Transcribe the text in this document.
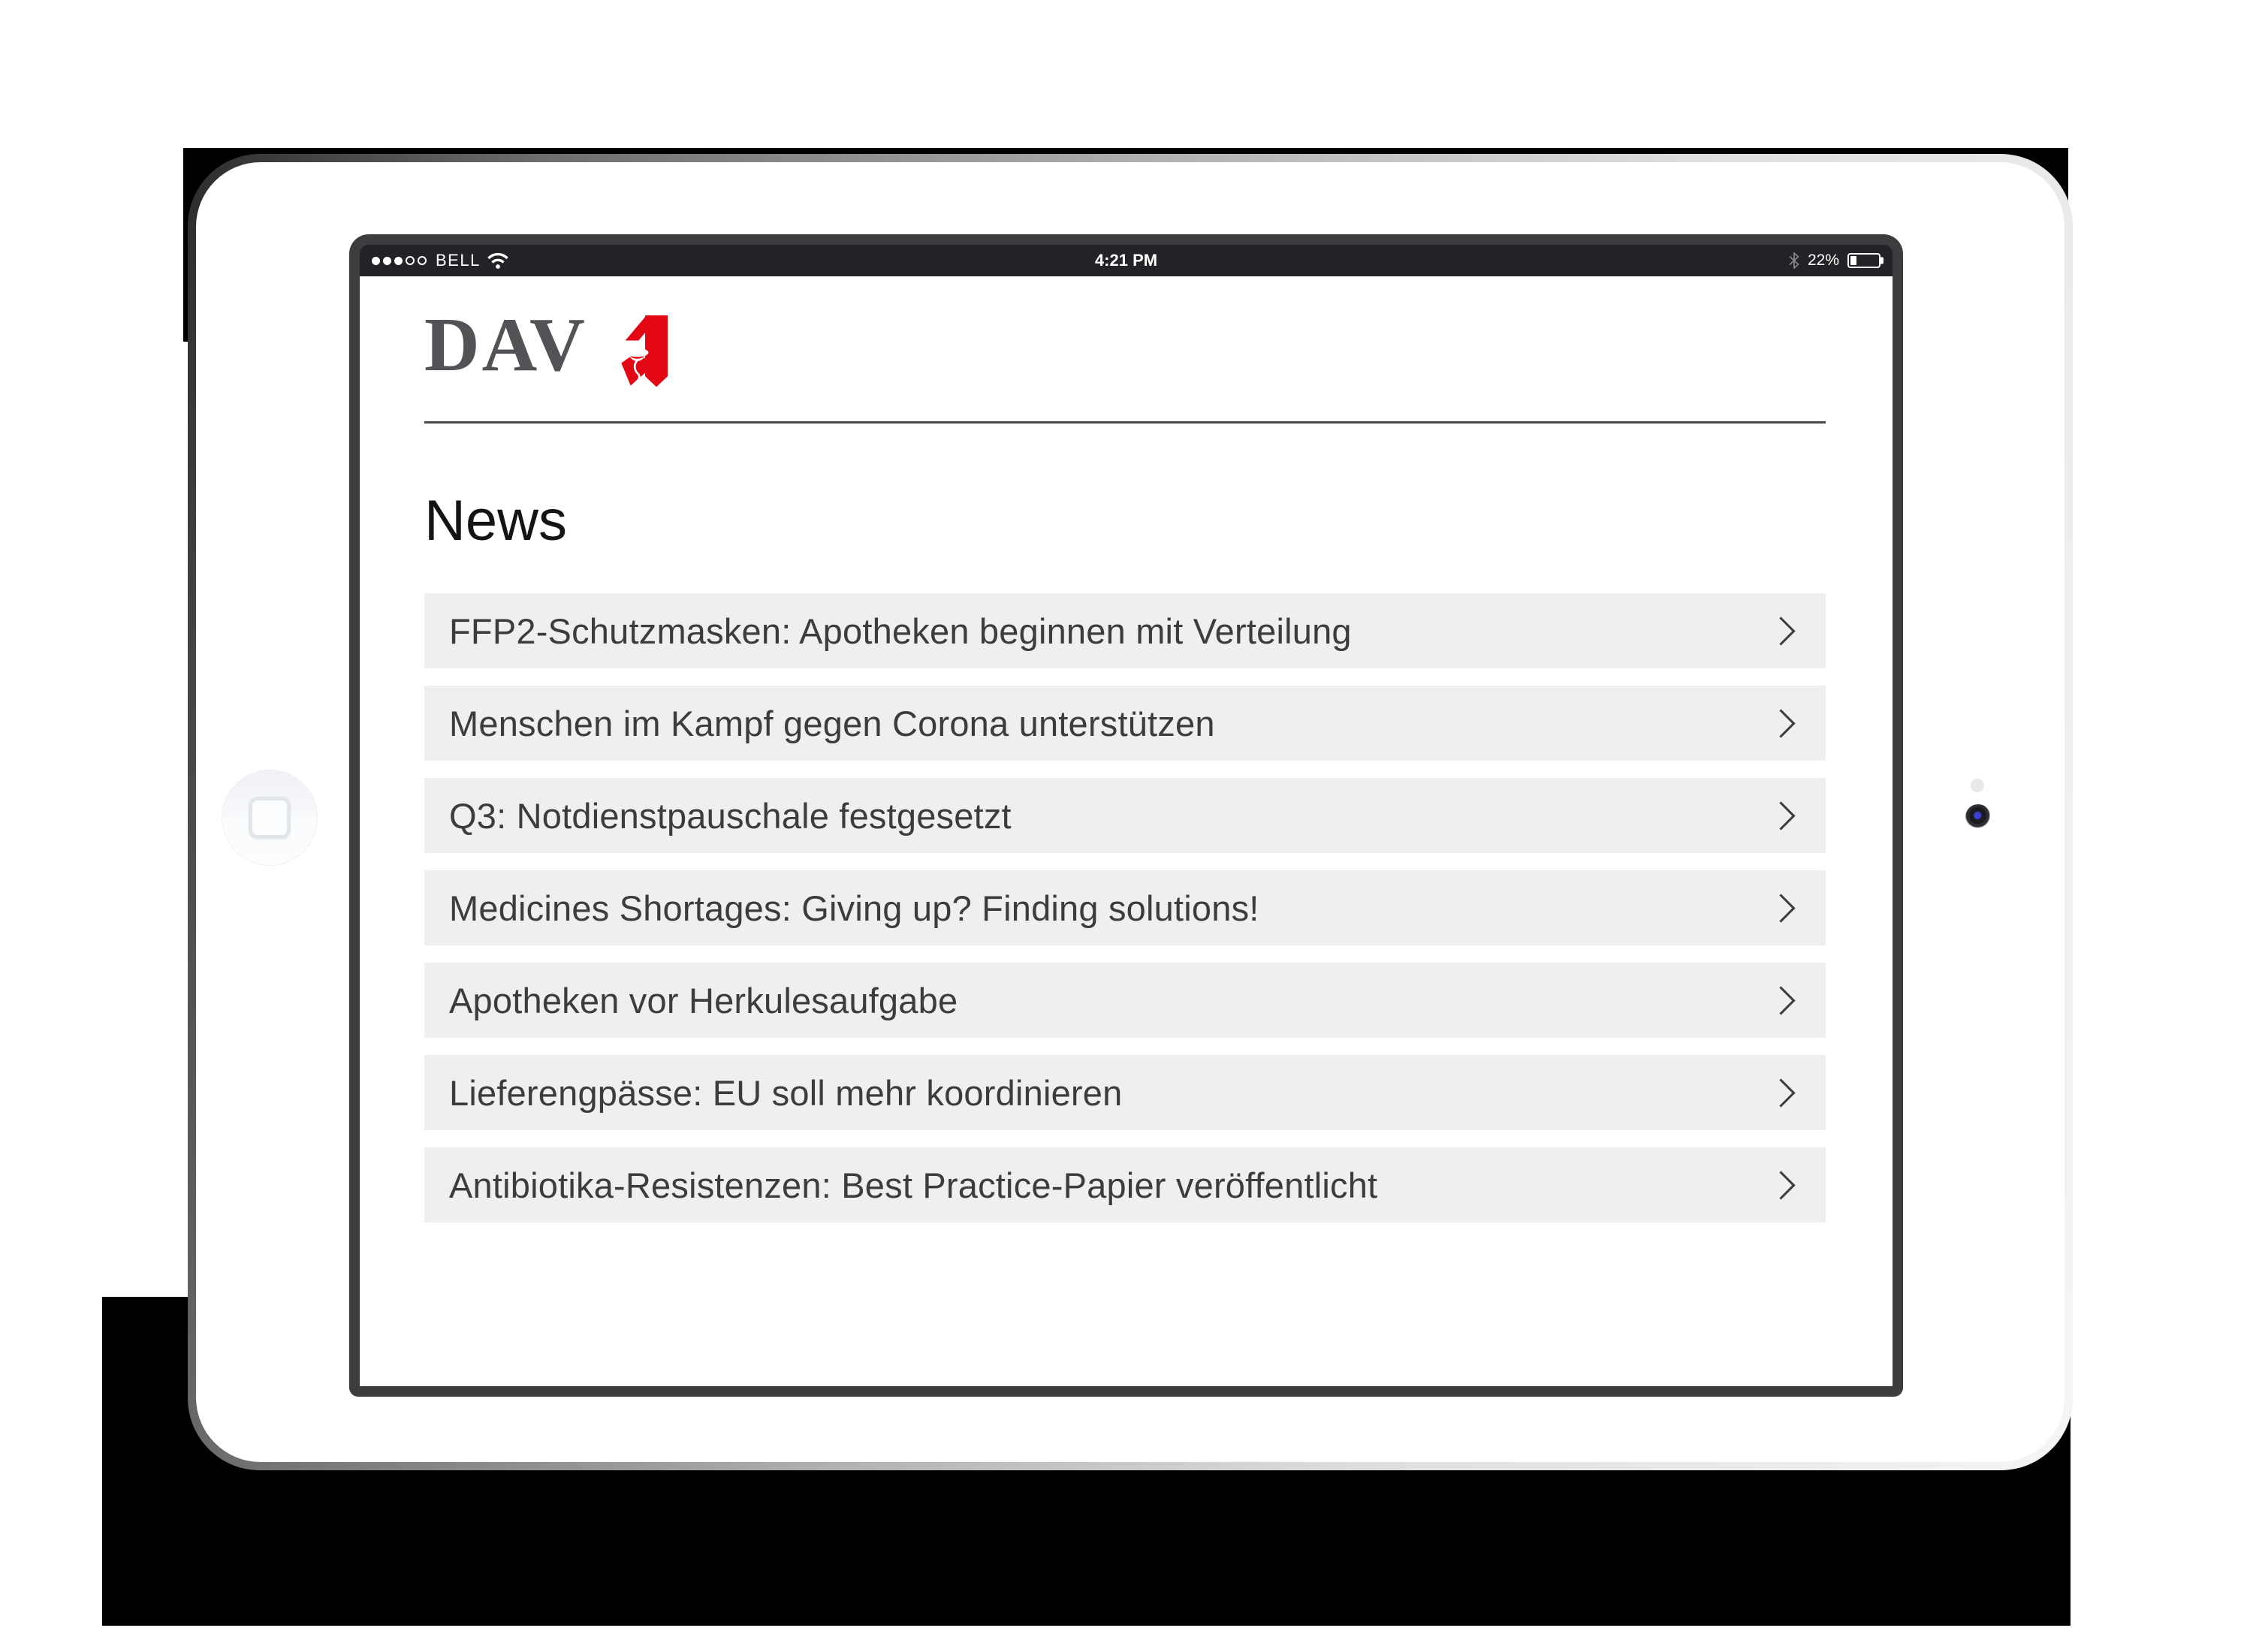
BELL	4:21 PM	22%
DAV
News
FFP2-Schutzmasken: Apotheken beginnen mit Verteilung
Menschen im Kampf gegen Corona unterstützen
Q3: Notdienstpauschale festgesetzt
Medicines Shortages: Giving up? Finding solutions!
Apotheken vor Herkulesaufgabe
Lieferengpässe: EU soll mehr koordinieren
Antibiotika-Resistenzen: Best Practice-Papier veröffentlicht
